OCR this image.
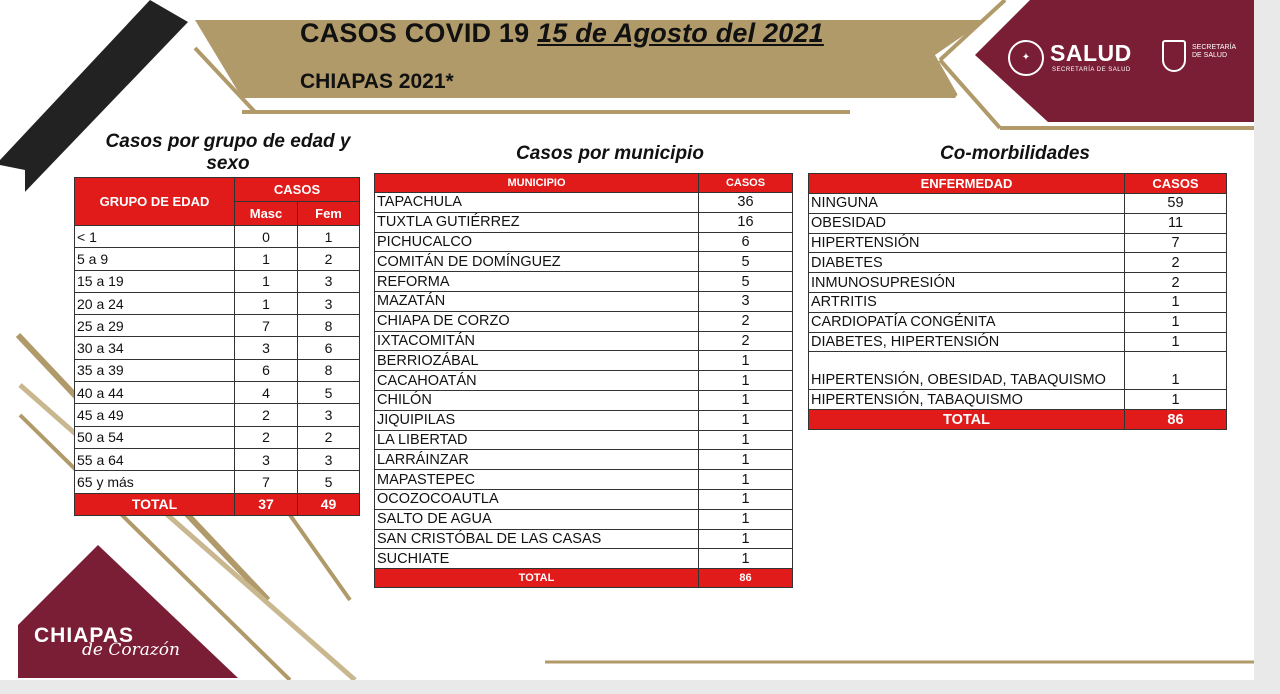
CASOS COVID 19 15 de Agosto del 2021
CHIAPAS 2021*
✦ SALUD
SECRETARÍA DE SALUD
SECRETARÍA
DE SALUD
CHIAPAS
de Corazón
Casos por grupo de edad y sexo	Casos por municipio	Co-morbilidades
GRUPO DE EDAD	CASOS	
	Masc	Fem
< 1	0	1
5 a 9	1	2
15 a 19	1	3
20 a 24	1	3
25 a 29	7	8
30 a 34	3	6
35 a 39	6	8
40 a 44	4	5
45 a 49	2	3
50 a 54	2	2
55 a 64	3	3
65 y más	7	5
TOTAL	37	49
MUNICIPIO	CASOS
TAPACHULA	36
TUXTLA GUTIÉRREZ	16
PICHUCALCO	6
COMITÁN DE DOMÍNGUEZ	5
REFORMA	5
MAZATÁN	3
CHIAPA DE CORZO	2
IXTACOMITÁN	2
BERRIOZÁBAL	1
CACAHOATÁN	1
CHILÓN	1
JIQUIPILAS	1
LA LIBERTAD	1
LARRÁINZAR	1
MAPASTEPEC	1
OCOZOCOAUTLA	1
SALTO DE AGUA	1
SAN CRISTÓBAL DE LAS CASAS	1
SUCHIATE	1
TOTAL	86
ENFERMEDAD	CASOS
NINGUNA	59
OBESIDAD	11
HIPERTENSIÓN	7
DIABETES	2
INMUNOSUPRESIÓN	2
ARTRITIS	1
CARDIOPATÍA CONGÉNITA	1
DIABETES, HIPERTENSIÓN	1
HIPERTENSIÓN, OBESIDAD, TABAQUISMO	1
HIPERTENSIÓN, TABAQUISMO	1
TOTAL	86
